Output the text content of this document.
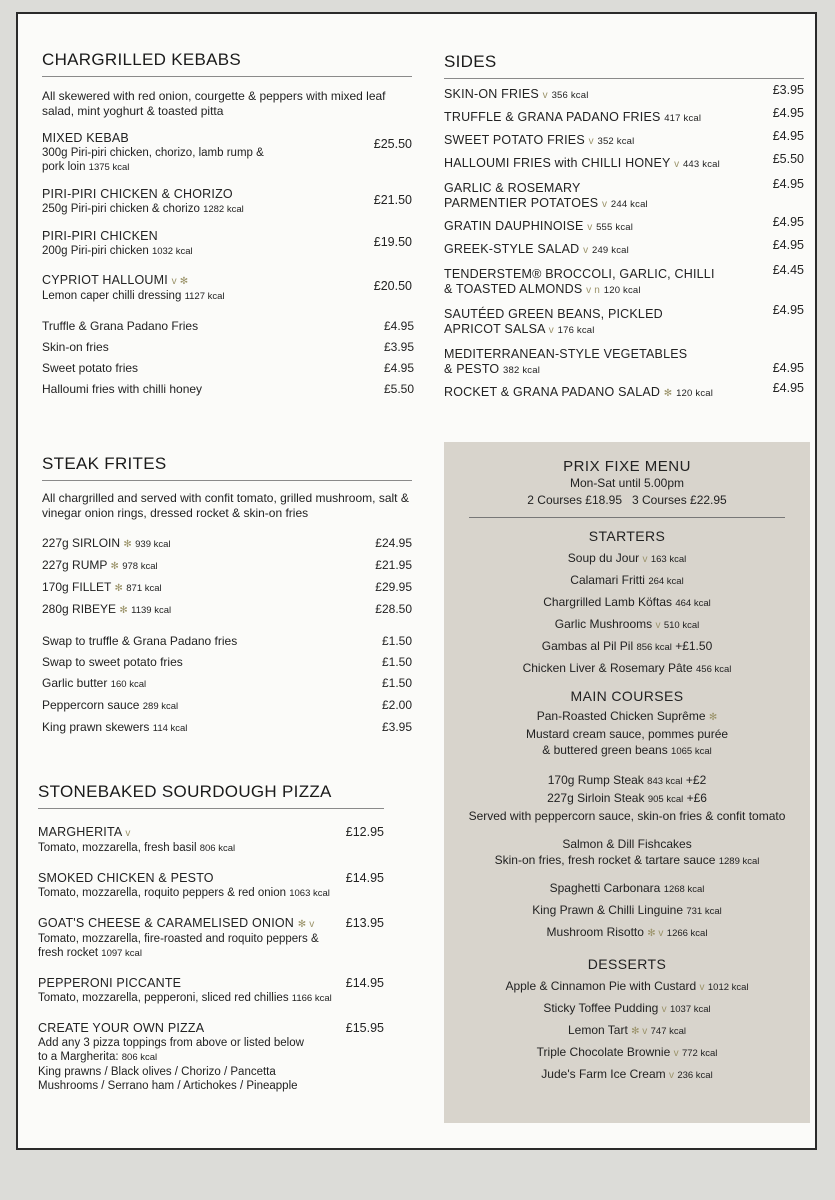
CHARGRILLED KEBABS
All skewered with red onion, courgette & peppers with mixed leaf salad, mint yoghurt & toasted pitta
MIXED KEBAB	£25.50
300g Piri-piri chicken, chorizo, lamb rump & pork loin 1375 kcal
PIRI-PIRI CHICKEN & CHORIZO	£21.50
250g Piri-piri chicken & chorizo 1282 kcal
PIRI-PIRI CHICKEN	£19.50
200g Piri-piri chicken 1032 kcal
CYPRIOT HALLOUMI v ✻	£20.50
Lemon caper chilli dressing 1127 kcal
Truffle & Grana Padano Fries	£4.95
Skin-on fries	£3.95
Sweet potato fries	£4.95
Halloumi fries with chilli honey	£5.50
STEAK FRITES
All chargrilled and served with confit tomato, grilled mushroom, salt & vinegar onion rings, dressed rocket & skin-on fries
227g SIRLOIN ✻ 939 kcal	£24.95
227g RUMP ✻ 978 kcal	£21.95
170g FILLET ✻ 871 kcal	£29.95
280g RIBEYE ✻ 1139 kcal	£28.50
Swap to truffle & Grana Padano fries	£1.50
Swap to sweet potato fries	£1.50
Garlic butter 160 kcal	£1.50
Peppercorn sauce 289 kcal	£2.00
King prawn skewers 114 kcal	£3.95
STONEBAKED SOURDOUGH PIZZA
MARGHERITA v	£12.95
Tomato, mozzarella, fresh basil 806 kcal
SMOKED CHICKEN & PESTO	£14.95
Tomato, mozzarella, roquito peppers & red onion 1063 kcal
GOAT'S CHEESE & CARAMELISED ONION ✻ v	£13.95
Tomato, mozzarella, fire-roasted and roquito peppers & fresh rocket 1097 kcal
PEPPERONI PICCANTE	£14.95
Tomato, mozzarella, pepperoni, sliced red chillies 1166 kcal
CREATE YOUR OWN PIZZA	£15.95
Add any 3 pizza toppings from above or listed below
to a Margherita: 806 kcal
King prawns / Black olives / Chorizo / Pancetta
Mushrooms / Serrano ham / Artichokes / Pineapple
SIDES
SKIN-ON FRIES v 356 kcal	£3.95
TRUFFLE & GRANA PADANO FRIES 417 kcal	£4.95
SWEET POTATO FRIES v 352 kcal	£4.95
HALLOUMI FRIES with CHILLI HONEY v 443 kcal	£5.50
GARLIC & ROSEMARY
PARMENTIER POTATOES v 244 kcal
£4.95
GRATIN DAUPHINOISE v 555 kcal	£4.95
GREEK-STYLE SALAD v 249 kcal	£4.95
TENDERSTEM® BROCCOLI, GARLIC, CHILLI
& TOASTED ALMONDS v n 120 kcal
£4.45
SAUTÉED GREEN BEANS, PICKLED
APRICOT SALSA v 176 kcal
£4.95
MEDITERRANEAN-STYLE VEGETABLES
& PESTO 382 kcal	£4.95
ROCKET & GRANA PADANO SALAD ✻ 120 kcal	£4.95
PRIX FIXE MENU
Mon-Sat until 5.00pm
2 Courses £18.95   3 Courses £22.95
STARTERS
Soup du Jour v 163 kcal
Calamari Fritti 264 kcal
Chargrilled Lamb Köftas 464 kcal
Garlic Mushrooms v 510 kcal
Gambas al Pil Pil 856 kcal +£1.50
Chicken Liver & Rosemary Pâte 456 kcal
MAIN COURSES
Pan-Roasted Chicken Suprême ✻
Mustard cream sauce, pommes purée
& buttered green beans 1065 kcal
170g Rump Steak 843 kcal +£2
227g Sirloin Steak 905 kcal +£6
Served with peppercorn sauce, skin-on fries & confit tomato
Salmon & Dill Fishcakes
Skin-on fries, fresh rocket & tartare sauce 1289 kcal
Spaghetti Carbonara 1268 kcal
King Prawn & Chilli Linguine 731 kcal
Mushroom Risotto ✻ v 1266 kcal
DESSERTS
Apple & Cinnamon Pie with Custard v 1012 kcal
Sticky Toffee Pudding v 1037 kcal
Lemon Tart ✻ v 747 kcal
Triple Chocolate Brownie v 772 kcal
Jude's Farm Ice Cream v 236 kcal
